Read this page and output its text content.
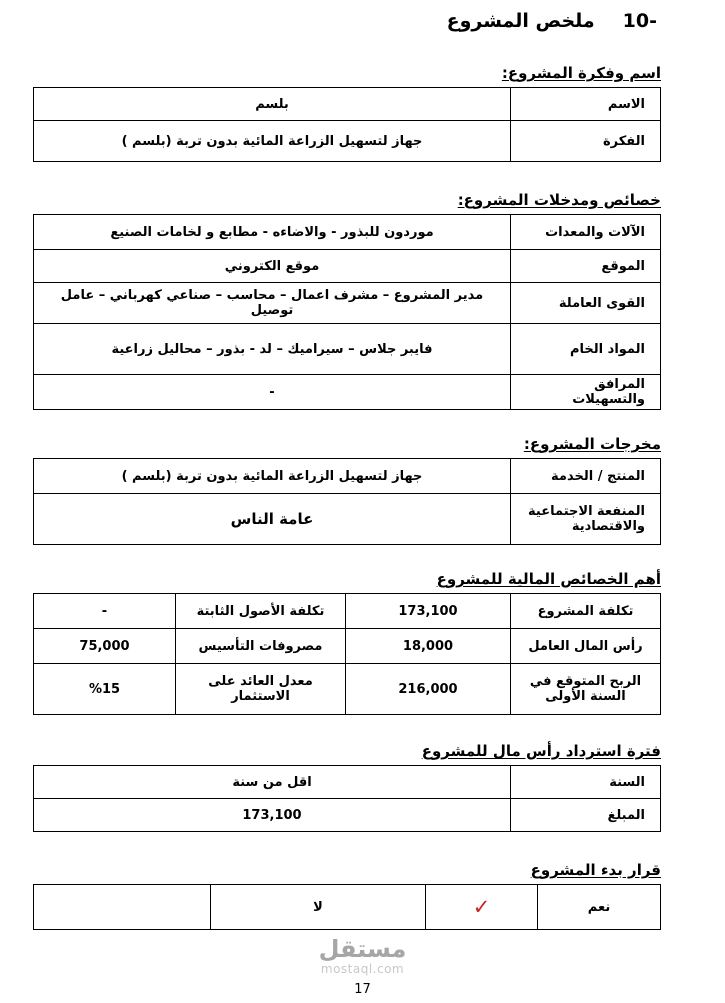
10-
ملخص المشروع
اسم وفكرة المشروع:
الاسم	بلسم
الفكرة	جهاز لتسهيل الزراعة المائية بدون تربة (بلسم )
خصائص ومدخلات المشروع:
الآلات والمعدات	موردون للبذور - والاضاءه - مطابع و لخامات الصنيع
الموقع	موقع الكتروني
القوى العاملة	مدير المشروع – مشرف اعمال – محاسب – صناعي كهرباني – عامل توصيل
المواد الخام	فايبر جلاس – سيراميك – لد - بذور – محاليل زراعية
المرافق والتسهيلات	-
مخرجات المشروع:
المنتج / الخدمة	جهاز لتسهيل الزراعة المائية بدون تربة (بلسم )
المنفعة الاجتماعية والاقتصادية	عامة الناس
أهم الخصائص المالية للمشروع
تكلفة المشروع	173,100	تكلفة الأصول الثابتة	-
رأس المال العامل	18,000	مصروفات التأسيس	75,000
الربح المتوقع في السنة الأولى	216,000	معدل العائد على الاستثمار	%15
فترة استرداد رأس مال للمشروع
السنة	اقل من سنة
المبلغ	173,100
قرار بدء المشروع
نعم	✓	لا	
مستقل
mostaql.com
17
